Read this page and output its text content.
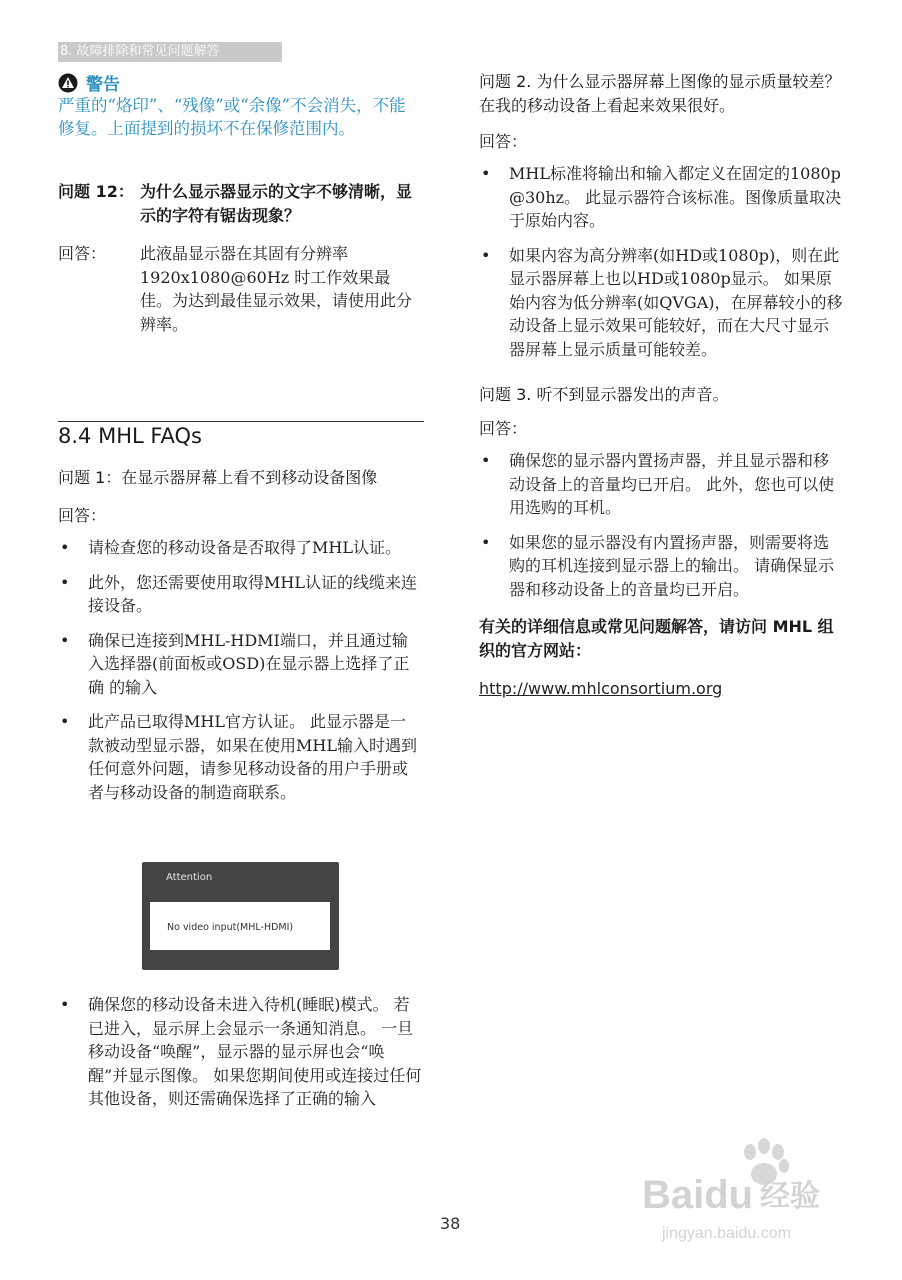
8. 故障排除和常见问题解答
警告
严重的“烙印”、“残像”或“余像”不会消失，不能修复。上面提到的损坏不在保修范围内。
问题 12： 为什么显示器显示的文字不够清晰，显示的字符有锯齿现象？
回答：	此液晶显示器在其固有分辨率1920x1080@60Hz 时工作效果最佳。为达到最佳显示效果，请使用此分辨率。
8.4 MHL FAQs
问题 1：在显示器屏幕上看不到移动设备图像
回答：
• 请检查您的移动设备是否取得了MHL认证。
• 此外，您还需要使用取得MHL认证的线缆来连接设备。
• 确保已连接到MHL-HDMI端口，并且通过输入选择器(前面板或OSD)在显示器上选择了正确 的输入
• 此产品已取得MHL官方认证。 此显示器是一款被动型显示器，如果在使用MHL输入时遇到任何意外问题，请参见移动设备的用户手册或者与移动设备的制造商联系。
Attention
No video input(MHL-HDMI)
• 确保您的移动设备未进入待机(睡眠)模式。 若已进入，显示屏上会显示一条通知消息。 一旦移动设备“唤醒”，显示器的显示屏也会“唤醒”并显示图像。 如果您期间使用或连接过任何其他设备，则还需确保选择了正确的输入
问题 2. 为什么显示器屏幕上图像的显示质量较差？ 在我的移动设备上看起来效果很好。
回答：
• MHL标准将输出和输入都定义在固定的1080p @30hz。 此显示器符合该标准。图像质量取决于原始内容。
• 如果内容为高分辨率(如HD或1080p)，则在此显示器屏幕上也以HD或1080p显示。 如果原始内容为低分辨率(如QVGA)，在屏幕较小的移动设备上显示效果可能较好，而在大尺寸显示器屏幕上显示质量可能较差。
问题 3. 听不到显示器发出的声音。
回答：
• 确保您的显示器内置扬声器，并且显示器和移动设备上的音量均已开启。 此外，您也可以使用选购的耳机。
• 如果您的显示器没有内置扬声器，则需要将选购的耳机连接到显示器上的输出。 请确保显示器和移动设备上的音量均已开启。
有关的详细信息或常见问题解答，请访问 MHL 组织的官方网站：
http://www.mhlconsortium.org
38
Baidu 经验
jingyan.baidu.com
